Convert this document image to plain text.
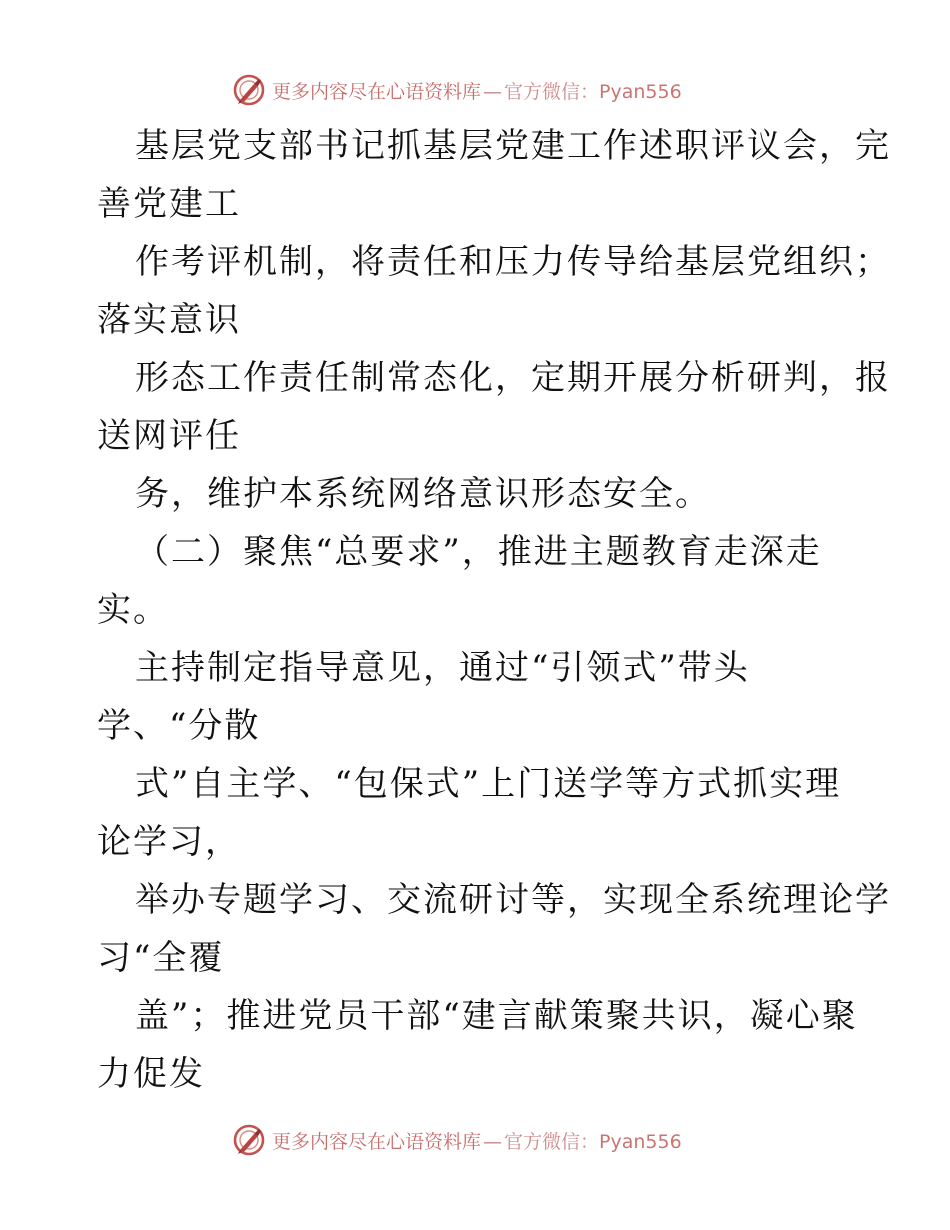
更多内容尽在心语资料库 — 官方微信：Pyan556
基层党支部书记抓基层党建工作述职评议会，完
善党建工
作考评机制，将责任和压力传导给基层党组织；
落实意识
形态工作责任制常态化，定期开展分析研判，报
送网评任
务，维护本系统网络意识形态安全。
（二）聚焦“总要求”，推进主题教育走深走
实。
主持制定指导意见，通过“引领式”带头
学、“分散
式”自主学、“包保式”上门送学等方式抓实理
论学习，
举办专题学习、交流研讨等，实现全系统理论学
习“全覆
盖”；推进党员干部“建言献策聚共识，凝心聚
力促发
更多内容尽在心语资料库 — 官方微信：Pyan556
